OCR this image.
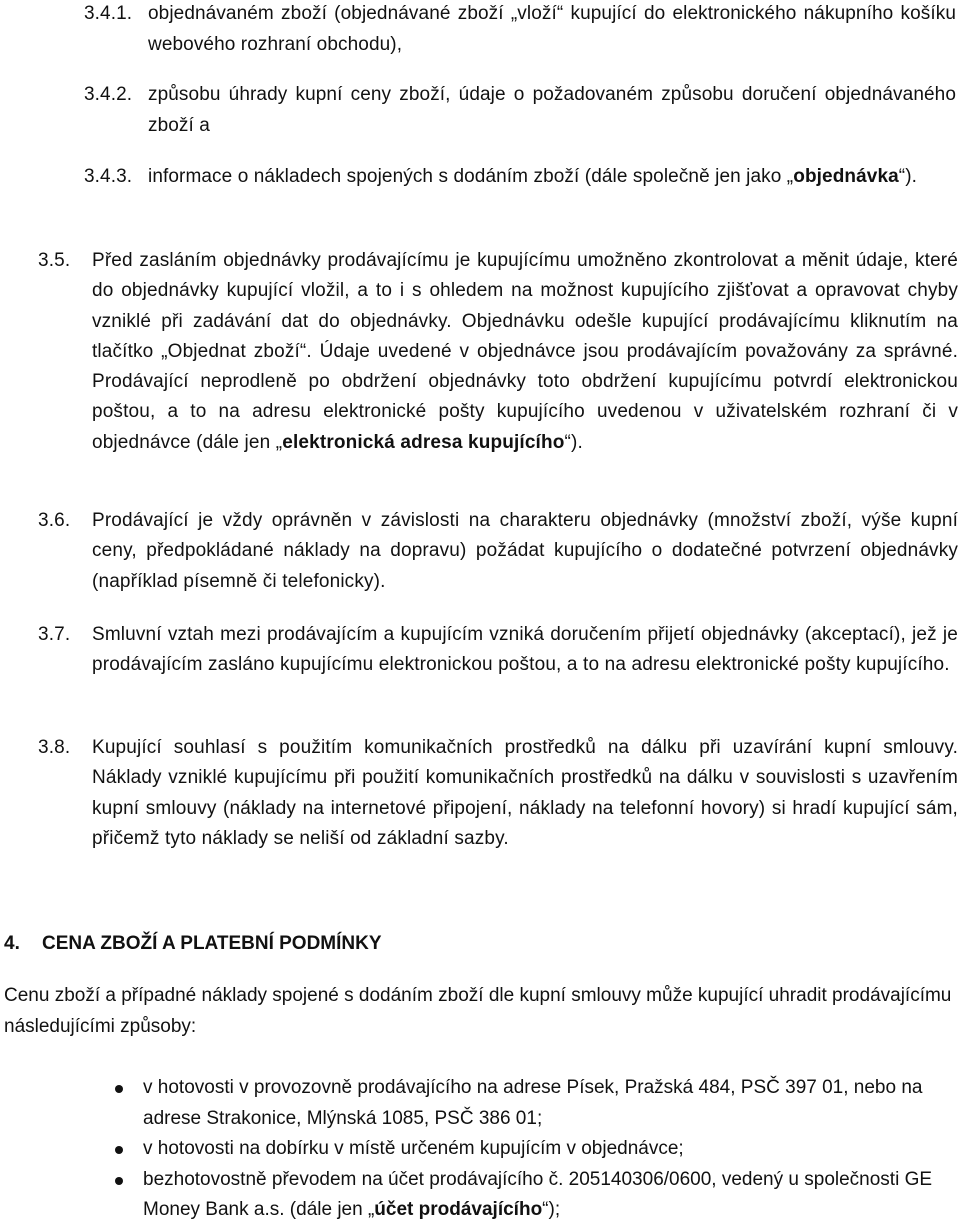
3.4.1. objednávaném zboží (objednávané zboží „vloží“ kupující do elektronického nákupního košíku webového rozhraní obchodu),
3.4.2. způsobu úhrady kupní ceny zboží, údaje o požadovaném způsobu doručení objednávaného zboží a
3.4.3. informace o nákladech spojených s dodáním zboží (dále společně jen jako „objednávka“).
3.5. Před zasláním objednávky prodávajícímu je kupujícímu umožněno zkontrolovat a měnit údaje, které do objednávky kupující vložil, a to i s ohledem na možnost kupujícího zjišťovat a opravovat chyby vzniklé při zadávání dat do objednávky. Objednávku odešle kupující prodávajícímu kliknutím na tlačítko „Objednat zboží“. Údaje uvedené v objednávce jsou prodávajícím považovány za správné. Prodávající neprodleně po obdržení objednávky toto obdržení kupujícímu potvrdí elektronickou poštou, a to na adresu elektronické pošty kupujícího uvedenou v uživatelském rozhraní či v objednávce (dále jen „elektronická adresa kupujícího“).
3.6. Prodávající je vždy oprávněn v závislosti na charakteru objednávky (množství zboží, výše kupní ceny, předpokládané náklady na dopravu) požádat kupujícího o dodatečné potvrzení objednávky (například písemně či telefonicky).
3.7. Smluvní vztah mezi prodávajícím a kupujícím vzniká doručením přijetí objednávky (akceptací), jež je prodávajícím zasláno kupujícímu elektronickou poštou, a to na adresu elektronické pošty kupujícího.
3.8. Kupující souhlasí s použitím komunikačních prostředků na dálku při uzavírání kupní smlouvy. Náklady vzniklé kupujícímu při použití komunikačních prostředků na dálku v souvislosti s uzavřením kupní smlouvy (náklady na internetové připojení, náklady na telefonní hovory) si hradí kupující sám, přičemž tyto náklady se neliší od základní sazby.
4. CENA ZBOŽÍ A PLATEBNÍ PODMÍNKY
Cenu zboží a případné náklady spojené s dodáním zboží dle kupní smlouvy může kupující uhradit prodávajícímu následujícími způsoby:
v hotovosti v provozovně prodávajícího na adrese Písek, Pražská 484, PSČ 397 01, nebo na adrese Strakonice, Mlýnská 1085, PSČ 386 01;
v hotovosti na dobírku v místě určeném kupujícím v objednávce;
bezhotovostně převodem na účet prodávajícího č. 205140306/0600, vedený u společnosti GE Money Bank a.s. (dále jen „účet prodávajícího“);
